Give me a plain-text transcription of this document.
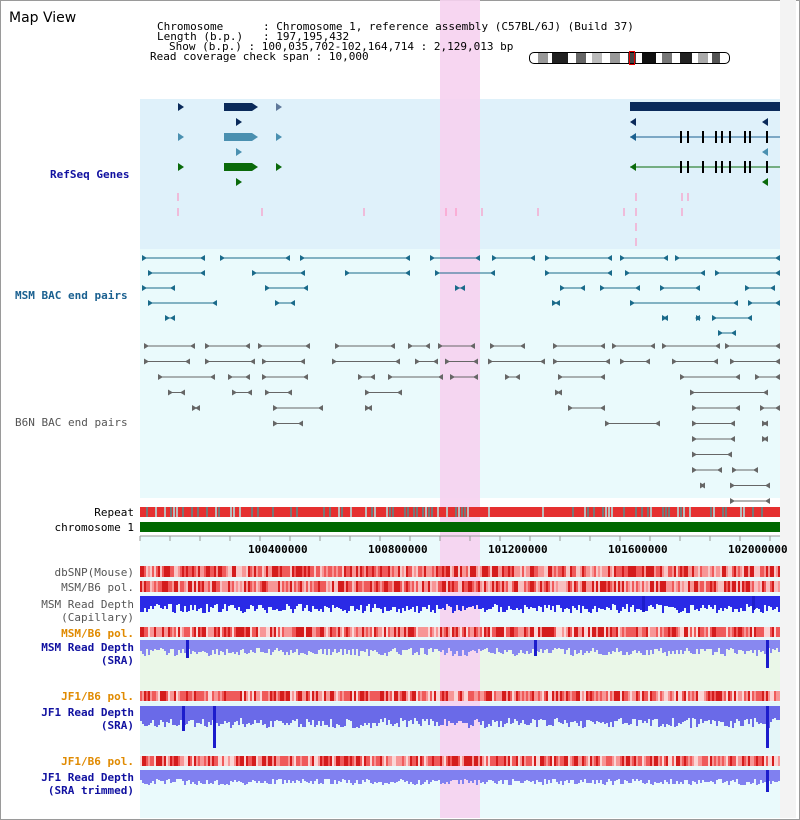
Map View

Chromosome      : Chromosome 1, reference assembly (C57BL/6J) (Build 37)

Length (b.p.)   : 197,195,432

Show (b.p.) : 100,035,702-102,164,714 : 2,129,013 bp

Read coverage check span : 10,000

RefSeq Genes
MSM BAC end pairs
B6N BAC end pairs
Repeat
chromosome 1
dbSNP(Mouse)
MSM/B6 pol.
MSM Read Depth
(Capillary)
MSM/B6 pol.
MSM Read Depth
(SRA)
JF1/B6 pol.
JF1 Read Depth
(SRA)
JF1/B6 pol.
JF1 Read Depth
(SRA trimmed)
100400000	100800000	101200000	101600000	102000000
